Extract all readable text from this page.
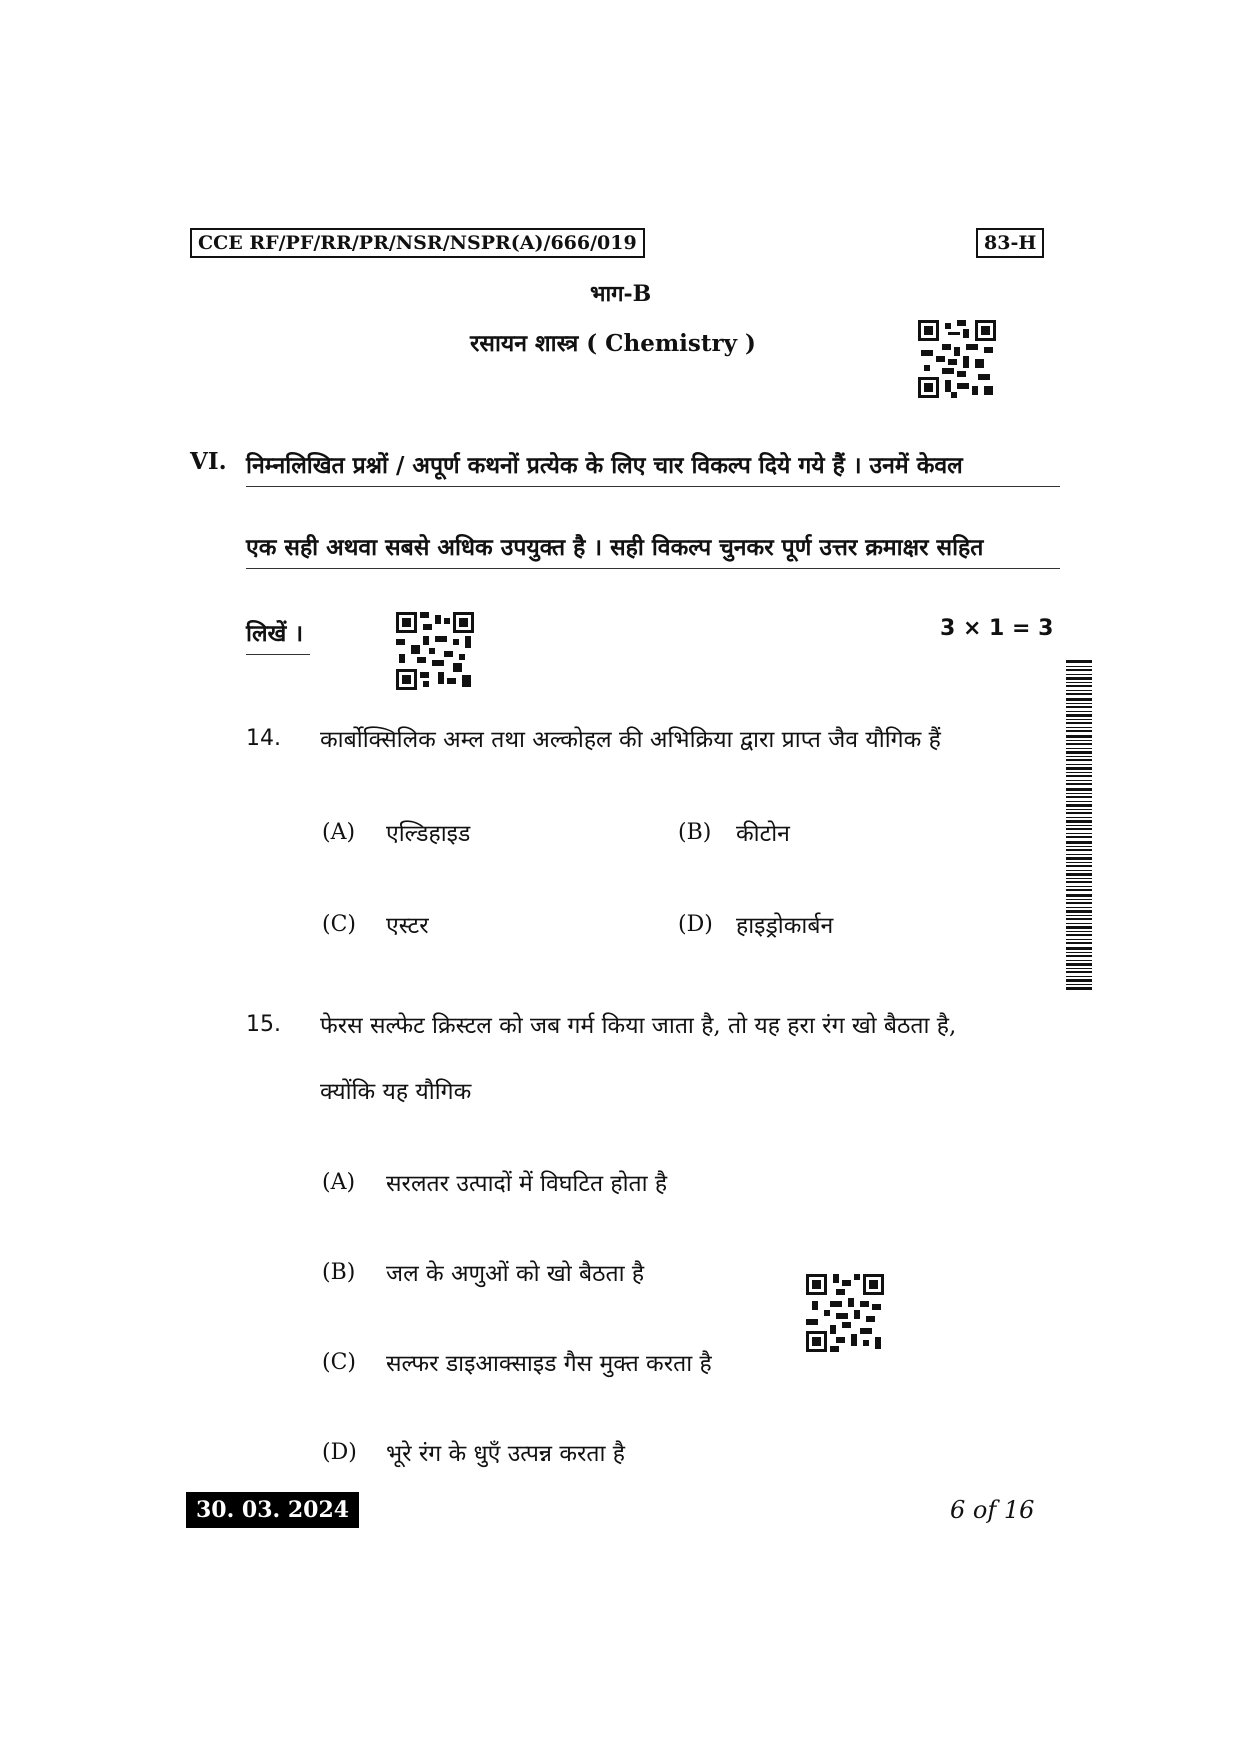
CCE RF/PF/RR/PR/NSR/NSPR(A)/666/019	83-H
भाग-B
रसायन शास्त्र ( Chemistry )
VI. निम्नलिखित प्रश्नों / अपूर्ण कथनों प्रत्येक के लिए चार विकल्प दिये गये हैं । उनमें केवल
एक सही अथवा सबसे अधिक उपयुक्त है । सही विकल्प चुनकर पूर्ण उत्तर क्रमाक्षर सहित
लिखें ।	3 × 1 = 3
14. कार्बोक्सिलिक अम्ल तथा अल्कोहल की अभिक्रिया द्वारा प्राप्त जैव यौगिक हैं
(A) एल्डिहाइड	(B) कीटोन
(C) एस्टर	(D) हाइड्रोकार्बन
15. फेरस सल्फेट क्रिस्टल को जब गर्म किया जाता है, तो यह हरा रंग खो बैठता है,
क्योंकि यह यौगिक
(A) सरलतर उत्पादों में विघटित होता है
(B) जल के अणुओं को खो बैठता है
(C) सल्फर डाइआक्साइड गैस मुक्त करता है
(D) भूरे रंग के धुएँ उत्पन्न करता है
30. 03. 2024	6 of 16
